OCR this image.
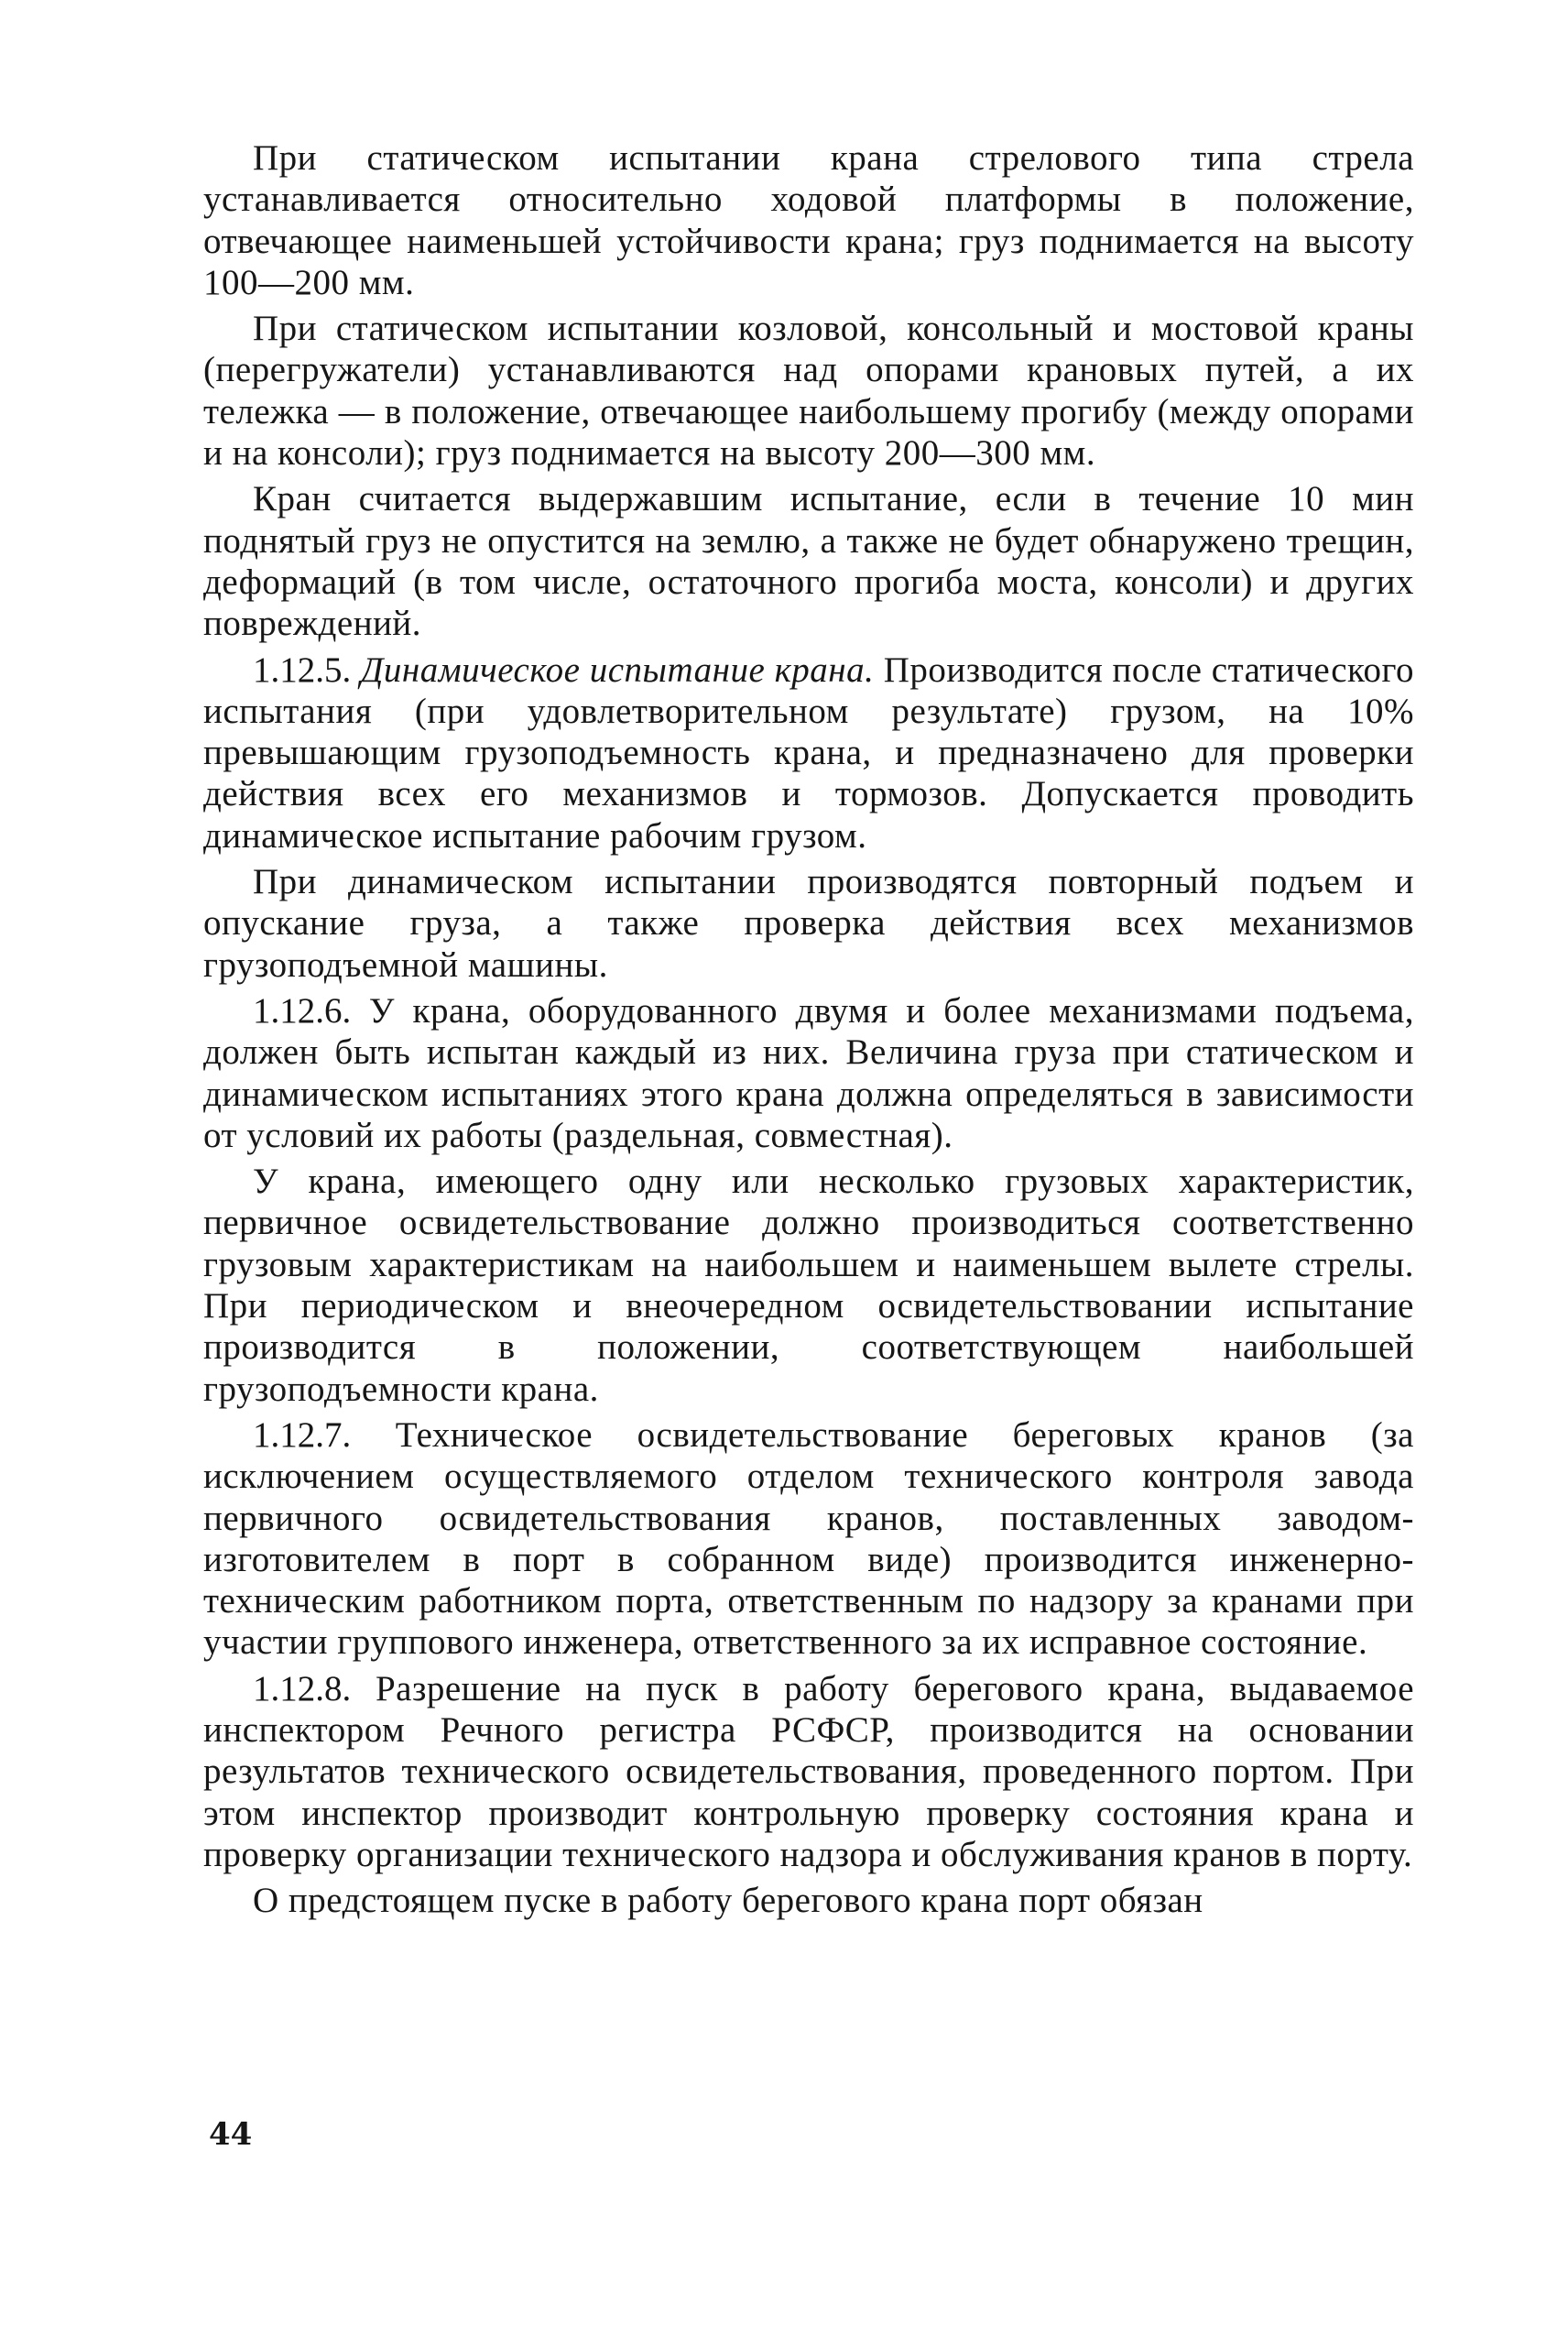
При статическом испытании крана стрелового типа стрела устанавливается относительно ходовой платформы в положение, отвечающее наименьшей устойчивости крана; груз поднимается на высоту 100—200 мм.

При статическом испытании козловой, консольный и мостовой краны (перегружатели) устанавливаются над опорами крановых путей, а их тележка — в положение, отвечающее наибольшему прогибу (между опорами и на консоли); груз поднимается на высоту 200—300 мм.

Кран считается выдержавшим испытание, если в течение 10 мин поднятый груз не опустится на землю, а также не будет обнаружено трещин, деформаций (в том числе, остаточного прогиба моста, консоли) и других повреждений.

1.12.5. Динамическое испытание крана. Производится после статического испытания (при удовлетворительном результате) грузом, на 10% превышающим грузоподъемность крана, и предназначено для проверки действия всех его механизмов и тормозов. Допускается проводить динамическое испытание рабочим грузом.

При динамическом испытании производятся повторный подъем и опускание груза, а также проверка действия всех механизмов грузоподъемной машины.

1.12.6. У крана, оборудованного двумя и более механизмами подъема, должен быть испытан каждый из них. Величина груза при статическом и динамическом испытаниях этого крана должна определяться в зависимости от условий их работы (раздельная, совместная).

У крана, имеющего одну или несколько грузовых характеристик, первичное освидетельствование должно производиться соответственно грузовым характеристикам на наибольшем и наименьшем вылете стрелы. При периодическом и внеочередном освидетельствовании испытание производится в положении, соответствующем наибольшей грузоподъемности крана.

1.12.7. Техническое освидетельствование береговых кранов (за исключением осуществляемого отделом технического контроля завода первичного освидетельствования кранов, поставленных заводом-изготовителем в порт в собранном виде) производится инженерно-техническим работником порта, ответственным по надзору за кранами при участии группового инженера, ответственного за их исправное состояние.

1.12.8. Разрешение на пуск в работу берегового крана, выдаваемое инспектором Речного регистра РСФСР, производится на основании результатов технического освидетельствования, проведенного портом. При этом инспектор производит контрольную проверку состояния крана и проверку организации технического надзора и обслуживания кранов в порту.

О предстоящем пуске в работу берегового крана порт обязан

44
